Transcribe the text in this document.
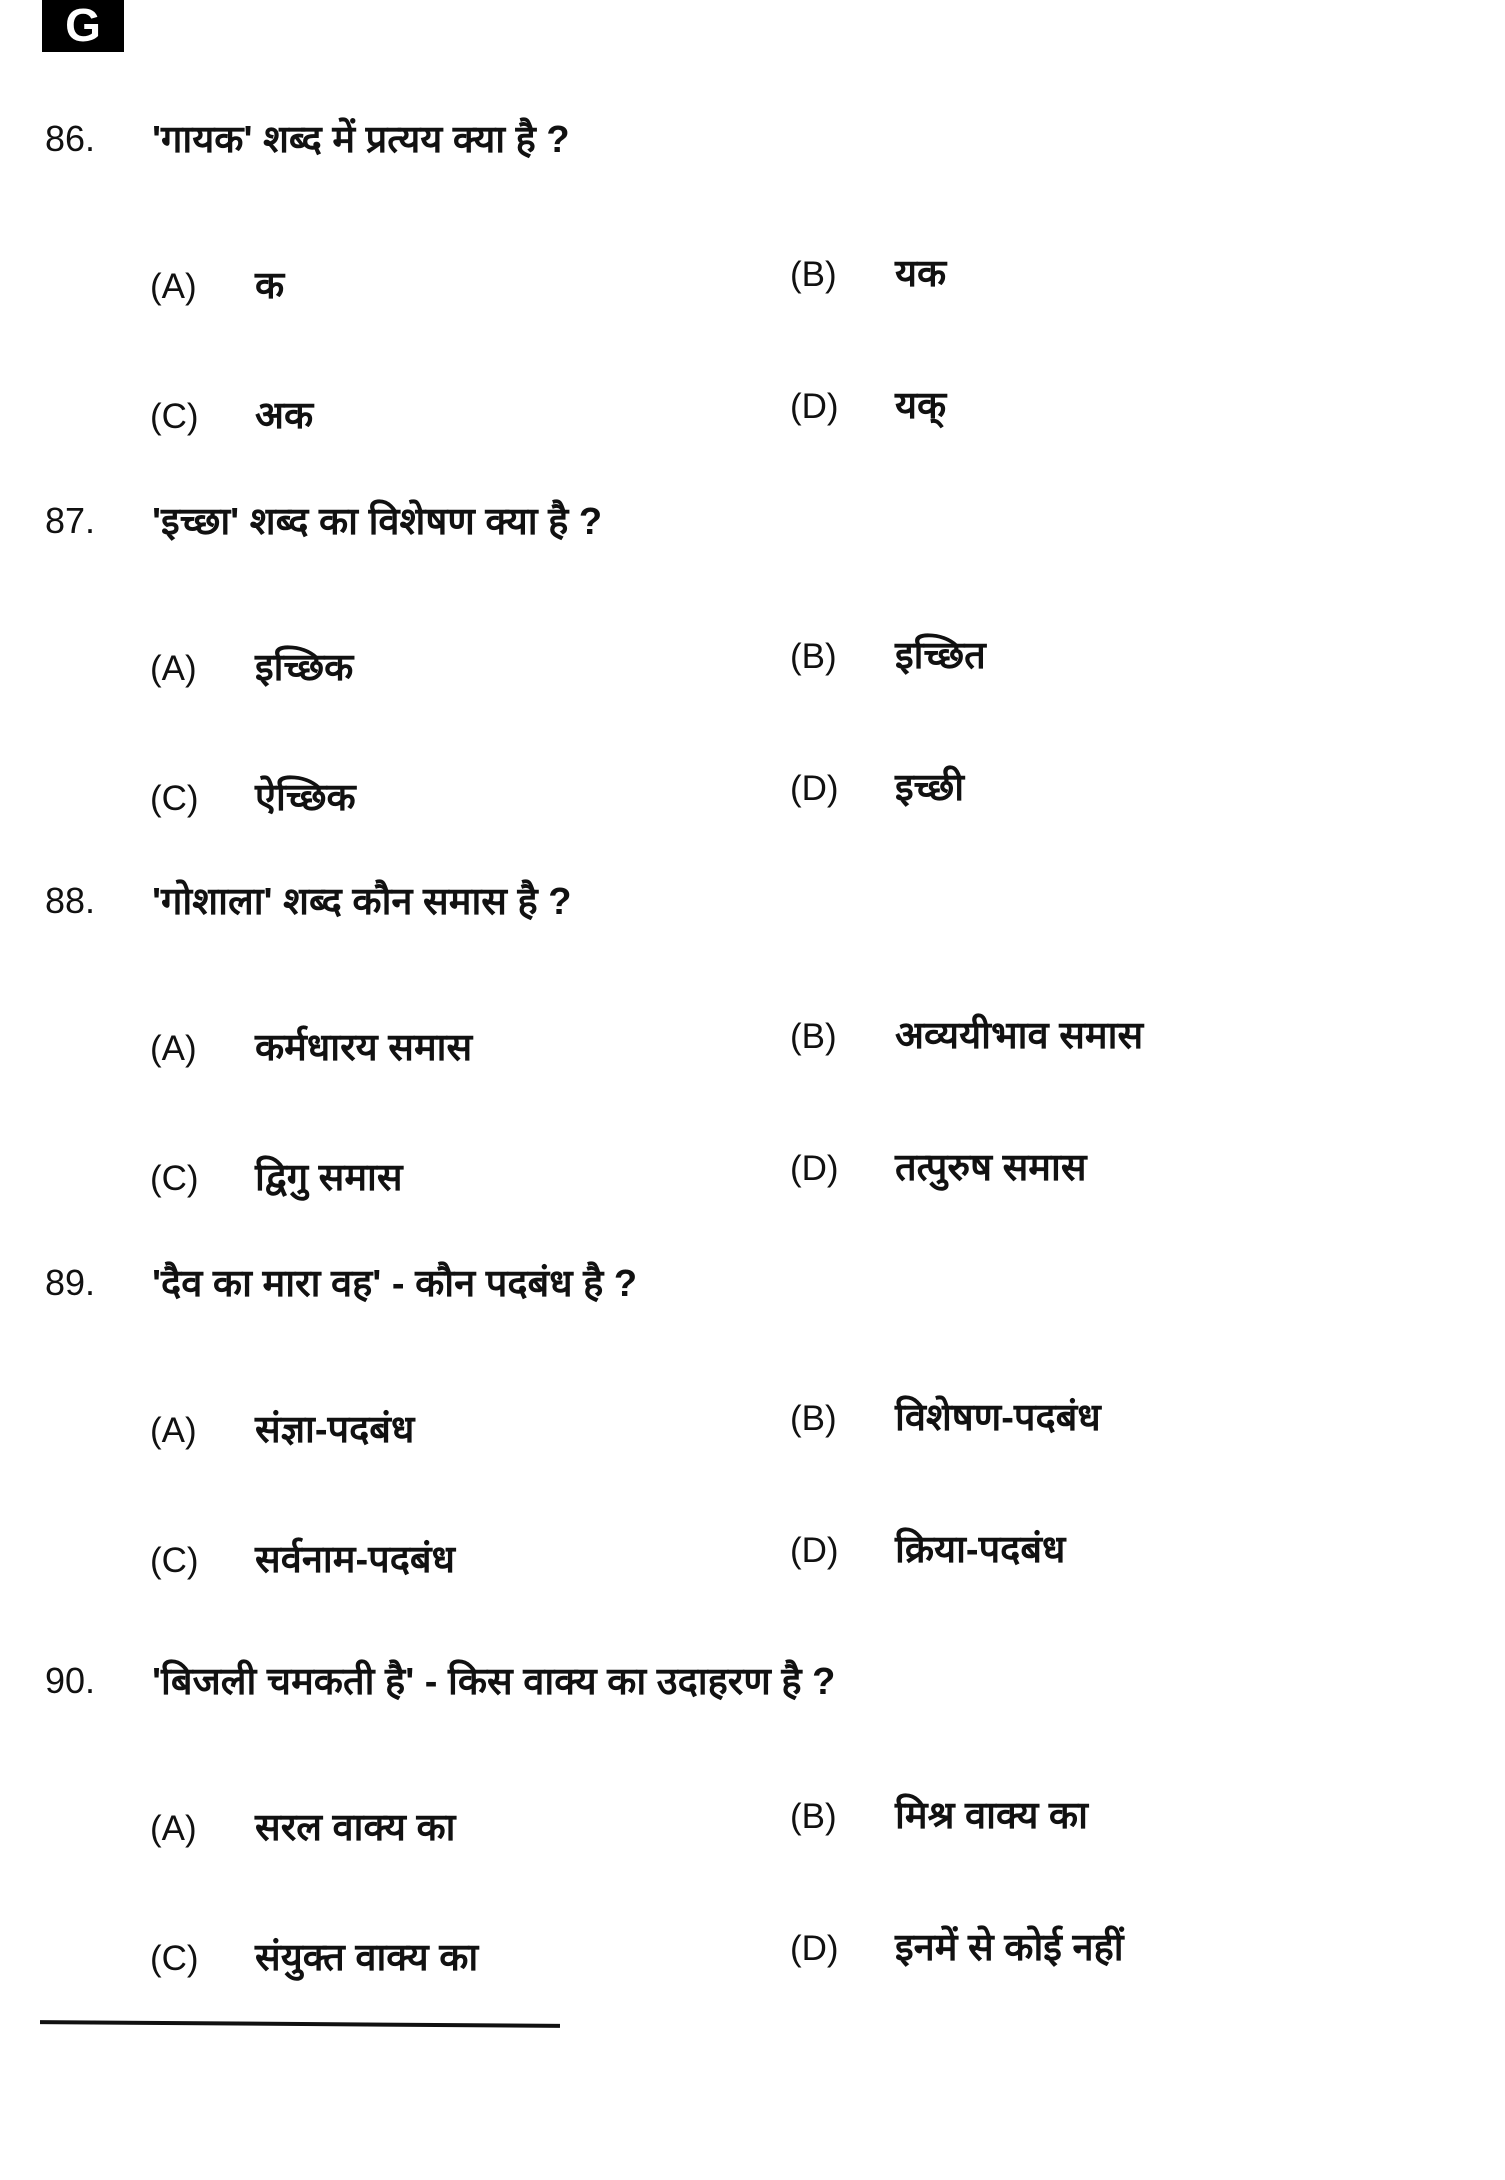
G
86. 'गायक' शब्द में प्रत्यय क्या है ?
(A)	क	(B)	यक
(C)	अक	(D)	यक्
87. 'इच्छा' शब्द का विशेषण क्या है ?
(A)	इच्छिक	(B)	इच्छित
(C)	ऐच्छिक	(D)	इच्छी
88. 'गोशाला' शब्द कौन समास है ?
(A)	कर्मधारय समास	(B)	अव्ययीभाव समास
(C)	द्विगु समास	(D)	तत्पुरुष समास
89. 'दैव का मारा वह' - कौन पदबंध है ?
(A)	संज्ञा-पदबंध	(B)	विशेषण-पदबंध
(C)	सर्वनाम-पदबंध	(D)	क्रिया-पदबंध
90. 'बिजली चमकती है' - किस वाक्य का उदाहरण है ?
(A)	सरल वाक्य का	(B)	मिश्र वाक्य का
(C)	संयुक्त वाक्य का	(D)	इनमें से कोई नहीं
